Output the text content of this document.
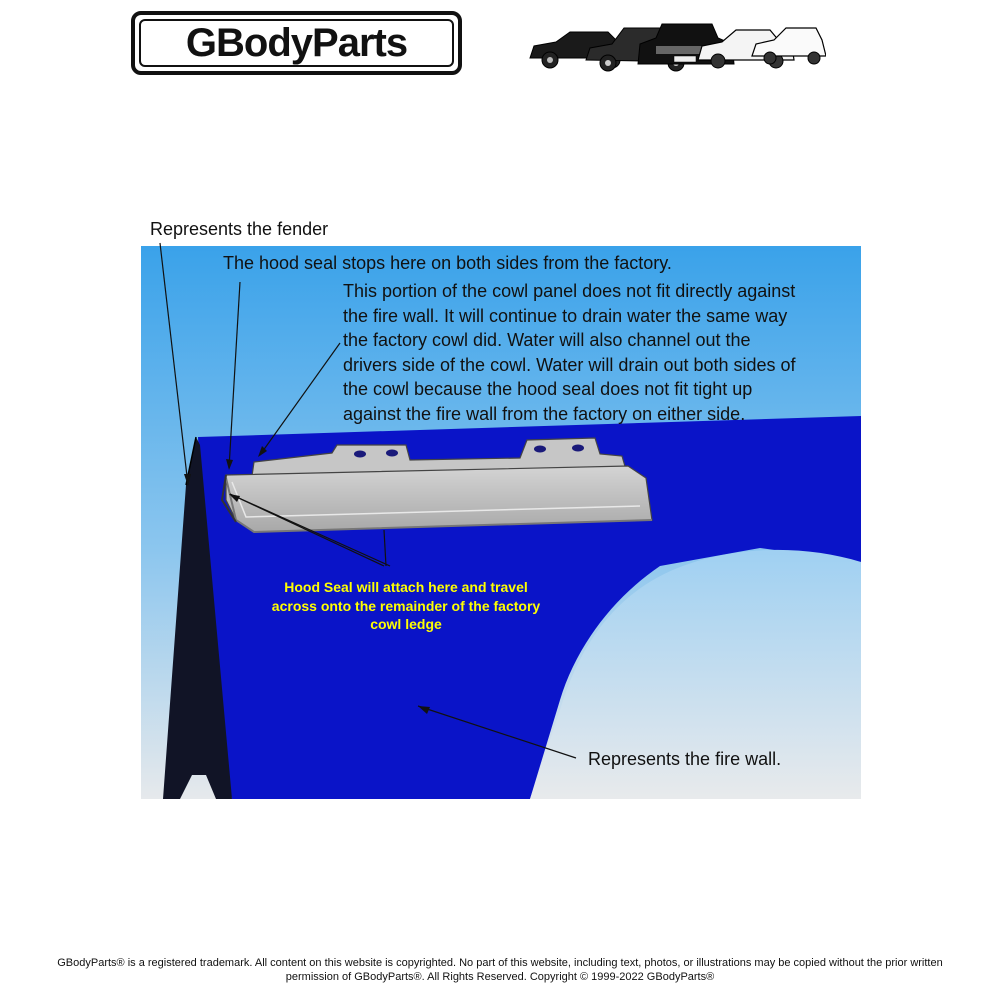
GBodyParts
Represents the fender
The hood seal stops here on both sides from the factory.
This portion of the cowl panel does not fit directly against
the fire wall. It will continue to drain water the same way
the factory cowl did. Water will also channel out the
drivers side of the cowl. Water will drain out both sides of
the cowl because the hood seal does not fit tight up
against the fire wall from the factory on either side.
Hood Seal will attach here and travel across onto the remainder of the factory cowl ledge
Represents the fire wall.
GBodyParts® is a registered trademark. All content on this website is copyrighted. No part of this website, including text, photos, or illustrations may be copied without the prior written permission of GBodyParts®. All Rights Reserved. Copyright © 1999-2022 GBodyParts®
